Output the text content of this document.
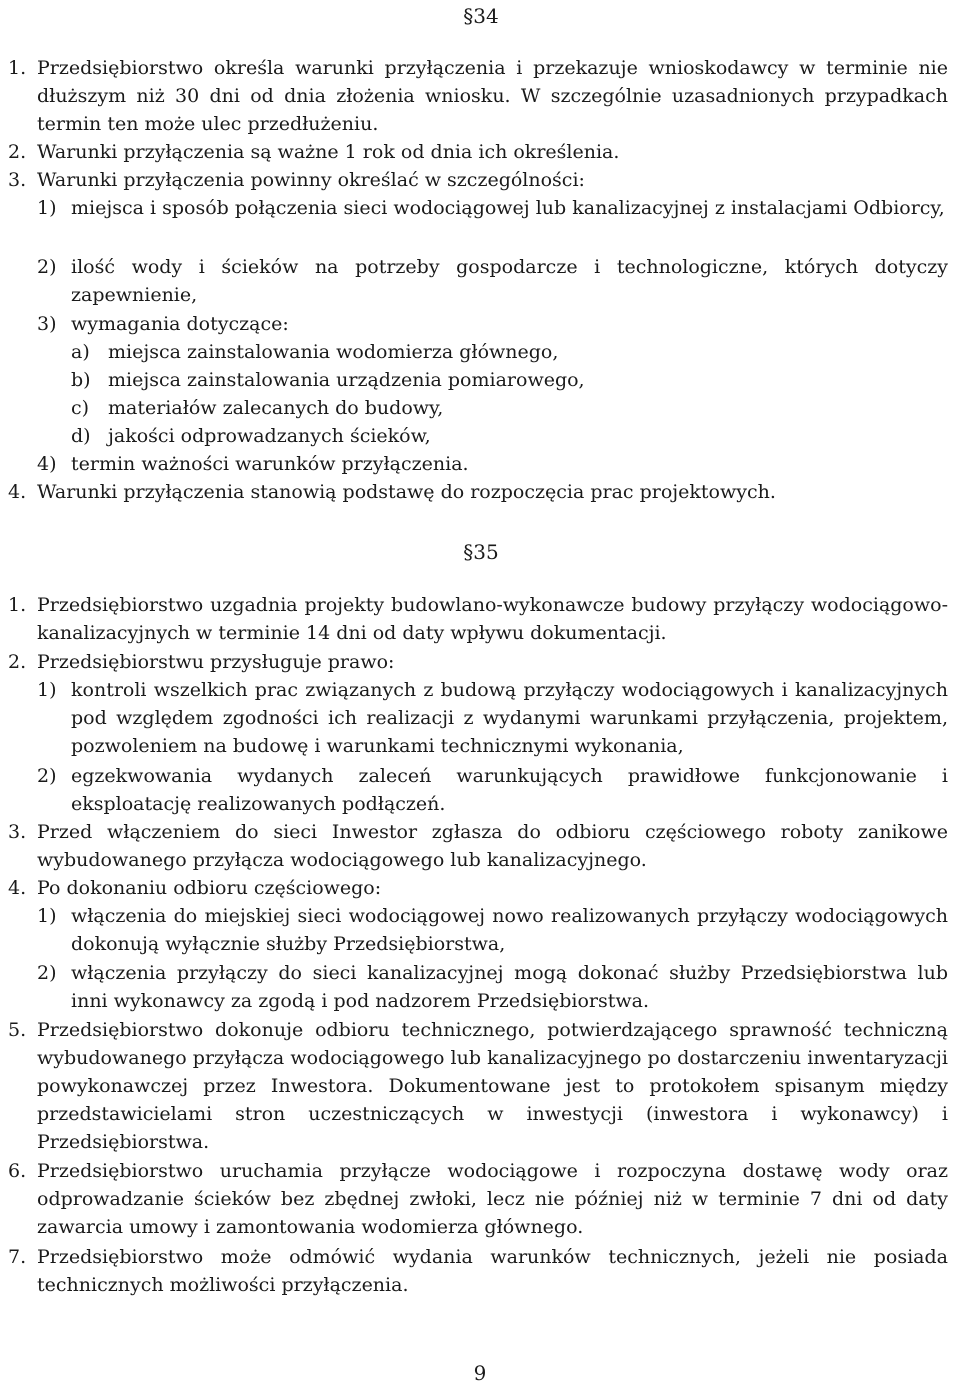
§34
1. Przedsiębiorstwo określa warunki przyłączenia i przekazuje wnioskodawcy w terminie nie dłuższym niż 30 dni od dnia złożenia wniosku. W szczególnie uzasadnionych przypadkach termin ten może ulec przedłużeniu.
2. Warunki przyłączenia są ważne 1 rok od dnia ich określenia.
3. Warunki przyłączenia powinny określać w szczególności:
1) miejsca i sposób połączenia sieci wodociągowej lub kanalizacyjnej z instalacjami Odbiorcy,
2) ilość wody i ścieków na potrzeby gospodarcze i technologiczne, których dotyczy zapewnienie,
3) wymagania dotyczące:
a) miejsca zainstalowania wodomierza głównego,
b) miejsca zainstalowania urządzenia pomiarowego,
c) materiałów zalecanych do budowy,
d) jakości odprowadzanych ścieków,
4) termin ważności warunków przyłączenia.
4. Warunki przyłączenia stanowią podstawę do rozpoczęcia prac projektowych.
§35
1. Przedsiębiorstwo uzgadnia projekty budowlano-wykonawcze budowy przyłączy wodociągowo-kanalizacyjnych w terminie 14 dni od daty wpływu dokumentacji.
2. Przedsiębiorstwu przysługuje prawo:
1) kontroli wszelkich prac związanych z budową przyłączy wodociągowych i kanalizacyjnych pod względem zgodności ich realizacji z wydanymi warunkami przyłączenia, projektem, pozwoleniem na budowę i warunkami technicznymi wykonania,
2) egzekwowania wydanych zaleceń warunkujących prawidłowe funkcjonowanie i eksploatację realizowanych podłączeń.
3. Przed włączeniem do sieci Inwestor zgłasza do odbioru częściowego roboty zanikowe wybudowanego przyłącza wodociągowego lub kanalizacyjnego.
4. Po dokonaniu odbioru częściowego:
1) włączenia do miejskiej sieci wodociągowej nowo realizowanych przyłączy wodociągowych dokonują wyłącznie służby Przedsiębiorstwa,
2) włączenia przyłączy do sieci kanalizacyjnej mogą dokonać służby Przedsiębiorstwa lub inni wykonawcy za zgodą i pod nadzorem Przedsiębiorstwa.
5. Przedsiębiorstwo dokonuje odbioru technicznego, potwierdzającego sprawność techniczną wybudowanego przyłącza wodociągowego lub kanalizacyjnego po dostarczeniu inwentaryzacji powykonawczej przez Inwestora. Dokumentowane jest to protokołem spisanym między przedstawicielami stron uczestniczących w inwestycji (inwestora i wykonawcy) i Przedsiębiorstwa.
6. Przedsiębiorstwo uruchamia przyłącze wodociągowe i rozpoczyna dostawę wody oraz odprowadzanie ścieków bez zbędnej zwłoki, lecz nie później niż w terminie 7 dni od daty zawarcia umowy i zamontowania wodomierza głównego.
7. Przedsiębiorstwo może odmówić wydania warunków technicznych, jeżeli nie posiada technicznych możliwości przyłączenia.
9
